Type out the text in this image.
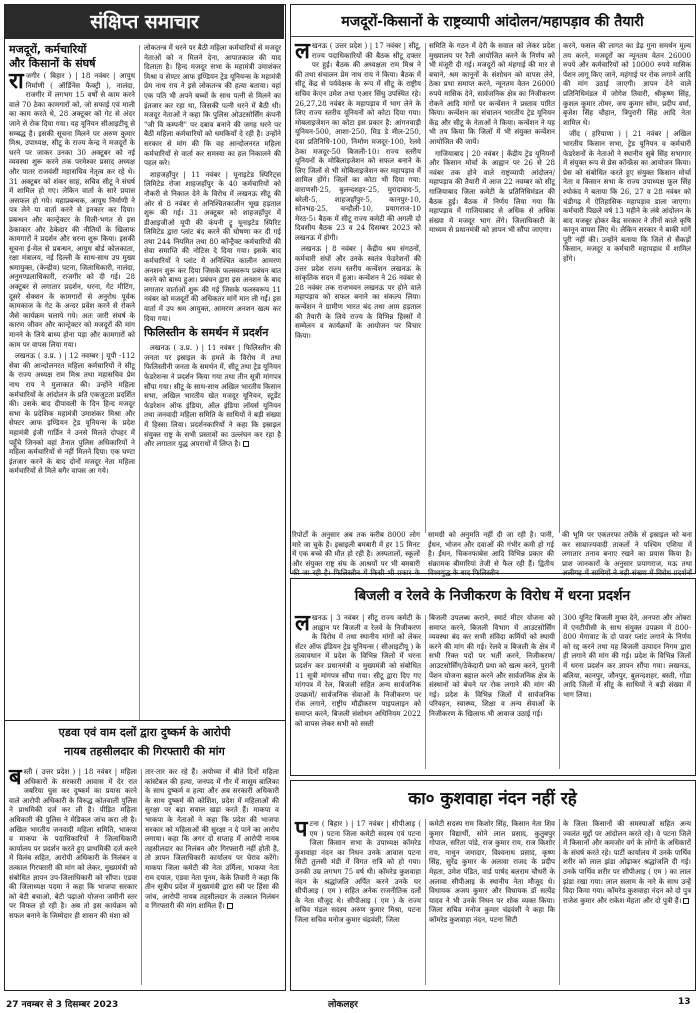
संक्षिप्त समाचार
मजदूरों, कर्मचारियों
और किसानों के संघर्ष

राजगीर ( बिहार ) | 18 नवंबर | आयुध निर्माणी ( ऑर्डिनेंस फैक्ट्री ), नालंदा, राजगीर में लगभग 15 वर्षों से काम करने वाले 70 ठेका कामगारों को, जो सफाई एवं माली का काम करते थे, 28 अक्टूबर को गेट से अंदर जाने से रोक दिया गया। यह यूनियन सीआइटीयू से सम्बद्ध है। इसकी सूचना मिलने पर अरुण कुमार मिश्र, उपाध्यक्ष, सीटू के राज्य केन्द्र ने मजदूरों के धरने पर जाकर उनका 30 अक्टूबर को नई व्यवस्था शुरू करने तक परमेश्वर प्रसाद अध्यक्ष और पातर राजवंशी महासचिव नेतृत्व कर रहे थे। 31 अक्टूबर को शंकर साह, सचिव सीटू ने संघर्ष में शामिल हो गए। लेकिन वार्ता के सारे प्रयास असफल हो गये। महाप्रबन्धक, आयुध निर्माणी ने पत्र लेने या वार्ता करने से इनकार कर दिया। प्रबन्धन और कान्ट्रेक्टर के मिली-भगत से इस ठेकाकार और ठेकेदार की नीतियों के खिलाफ कामगारों ने प्रदर्शन और धरना शुरू किया। इसकी सूचना ई-मेल से प्रबन्धन, आयुध बोर्ड कोलकाता, रक्षा मंत्रालय, नई दिल्ली के साथ-साथ उप मुख्य श्रमायुक्त, (केन्द्रीय) पटना, जिलाधिकारी, नालंदा, अनुमण्डलाधिकारी, राजगीर को दी गई। 28 अक्टूबर से लगातार प्रदर्शन, धरना, गेट मीटिंग, दूसरे सेक्शन के कामगारों से अनुरोध पूर्वक कामकाज के गेट के अन्दर प्रवेश करने से रोकने जैसे कार्यक्रम चलाये गये। अतः जारी संघर्ष के कारण जीवन और कान्ट्रेक्टर को मजदूरों की मांग मानने के लिये बाध्य होना पड़ा और कामगारों को काम पर वापस लिया गया।

लखनऊ ( उ.प्र. ) | 12 नवम्बर | यूपी -112 सेवा की आन्दोलनरत महिला कर्मचारियों ने सीटू के राज्य अध्यक्ष राम मिश्र तथा महासचिव प्रेम नाथ राय ने मुलाकात की। उन्होंने महिला कर्मचारियों के आंदोलन के प्रति एकजुटता प्रदर्शित की। उसके बाद दीपावली के दिन हिन्द मजदूर सभा के प्रदेशिक महामंत्री उमाशंकर मिश्रा और सेफ्टर आफ इण्डियन ट्रेड यूनियन्स के प्रदेश महामंत्री इंजी गार्डिन ने उनसे मिलते दोपहर में पहुँचे जिनको वहां तैनात पुलिस अधिकारियों ने महिला कर्मचारियों से नहीं मिलने दिया। एक घण्टा इंतजार करने के बाद दोनों मजदूर नेता महिला कर्मचारियों से मिले बगैर वापस आ गये।

लोकतन्त्र में धरने पर बैठी महिला कर्मचारियों से मजदूर नेताओं को न मिलने देना, आपातकाल की याद दिलाता है। हिन्द मजदूर सभा के महामंत्री उमाशंकर मिश्रा व सेण्टर आफ इण्डियन ट्रेड यूनियन्स के महामंत्री प्रेम नाथ राय ने इसे लोकतन्त्र की हत्या बताया। वहां एक पति भी अपने बच्चों के साथ पत्नी से मिलने का इंतजार कर रहा था, जिसकी पत्नी धरने में बैठी थी। मजदूर नेताओं ने कहा कि पुलिस ओउटसोर्सिंग कंपनी "जी वि कम्पनी" पर दबाव बनाने की जगह धरने पर बैठी महिला कर्मचारियों को धमकियाँ दे रही है। उन्होंने सरकार से मांग की कि वह आन्दोलनरत महिला कर्मचारियों से वार्ता कर समस्या का हल निकालने की पहल करे।

शाहजहाँपुर | 11 नवंबर | यूनाइटेड स्पिरिट्स लिमिटेड रोजा शाहजहाँपुर के 40 कर्मचारियों को नौकरी से निकाल देने के विरोध में लखनऊ सीटू की ओर से 8 नवंबर से अनिश्चितकालीन भूख हड़ताल शुरू की गई। 31 अक्टूबर को शाहजहाँपुर में डीआइजीओ यूपी की कंपनी ट्रू यूनाइटेड स्पिरिट लिमिटेड द्वारा प्लांट बंद करने की घोषणा कर दी गई तथा 244 नियमित तथा 80 कॉन्ट्रैक्ट कर्मचारियों की सेवा समाप्ति की नोटिस दे दिया गया। इसके बाद कर्मचारियों ने प्लांट में अनिश्चित कालीन आमरण अनशन शुरू कर दिया जिसके फलस्वरूप प्रबंधन बात करने को बाध्य हुआ। प्रबंधन द्वारा इस अनशन के बाद लगातार वार्ताओं शुरू की गई जिसके फलस्वरूप 11 नवंबर को मजदूरों की अधिकतर मांगें मान ली गईं। इस वार्ता में उप श्रम आयुक्त, आमरण अनशन खत्म कर दिया गया।

फिलिस्तीन के समर्थन में प्रदर्शन

लखनऊ ( उ.प्र. ) | 11 नवंबर | फिलिस्तीन की जनता पर इस्राइल के हमले के विरोध में तथा फिलिस्तीनी जनता के समर्थन में, सीटू तथा ट्रेड यूनियन फेडरेशन्स ने प्रदर्शन किया गया तथा तीन सूत्री मांगपत्र सौंपा गया। सीटू के साथ-साथ अखिल भारतीय किसान सभा, अखिल भारतीय खेत मजदूर यूनियन, स्टूडेंट फेडरेशन ऑफ इंडिया, ऑल इंडिया लॉयर्स यूनियन तथा जनवादी महिला समिति के साथियों ने बड़ी संख्या में हिस्सा लिया। प्रदर्शनकारियों ने कहा कि इस्राइल संयुक्त राष्ट्र के सभी प्रस्तावों का उल्लंघन कर रहा है और लगातार युद्ध अपराधों में लिप्त है।

मजदूरों-किसानों के राष्ट्रव्यापी आंदोलन/महापड़ाव की तैयारी

लखनऊ ( उत्तर प्रदेश ) | 17 नवंबर | सीटू, राज्य पदाधिकारियों की बैठक सीटू दफ्तर पर हुई। बैठक की अध्यक्षता राम मिश्र ने की तथा संचालन प्रेम नाथ राय ने किया। बैठक में सीटू केंद्र से पर्यवेक्षक के रूप में सीटू के राष्ट्रीय सचिव केएन उमेश तथा एआर सिंधु उपस्थित रहे। 26,27,28 नवंबर के महापड़ाव में भाग लेने के लिए राज्य स्तरीय यूनियनों को कोटा दिया गया। मोबलाइजेशन का कोटा इस प्रकार है: आंगनवाड़ी यूनियन-500, आशा-250, मिड डे मील-250, दवा प्रतिनिधि-100, निर्माण मजदूर-100, रेलवे ठेका मजदूर-50 बिजली-10। राज्य स्तरीय यूनियनों के मोबिलाइजेशन को सफल बनाने के लिए जिलों से भी मोबिलाइजेशन कर महापड़ाव में शामिल होंगे। जिलों का कोटा भी दिया गया: वाराणसी-25, बुलन्दशहर-25, मुरादाबाद-5, बरेली-5, शाहजहाँपुर-5, कानपुर-10, सोनभद्र-25, चन्दौली-10, प्रयागराज-10 मेरठ-5। बैठक में सीटू राज्य कमेटी की अगली दो दिवसीय बैठक 23 व 24 दिसम्बर 2023 को लखनऊ में होगी।

लखनऊ | 8 नवंबर | केंद्रीय श्रम संगठनों, कर्मचारी संघों और उनके स्वतंत्र फेडरेशनों की उत्तर प्रदेश राज्य स्तरीय कन्वेंशन लखनऊ के सांकृतिक सदन में हुआ। कन्वेंशन ने 26 नवंबर से 28 नवंबर तक राजभवन लखनऊ पर होने वाले महापड़ाव को सफल बनाने का संकल्प लिया। कन्वेंशन ने ग्रामीण भारत बंद तथा आम हड़ताल की तैयारी के लिये राज्य के विभिन्न हिस्सों में सम्मेलन व कार्यक्रमों के आयोजन पर विचार किया।

समिति के गठन में देरी के सवाल को लेकर प्रदेश मुख्यालय पर रैली आयोजित करने के निर्णय को भी मंजूरी दी गई। मजदूरों को मंहगाई की मार से बचाने, श्रम कानूनों के संशोधन को वापस लेने, ठेका प्रथा समाप्त करने, न्यूनतम वेतन 26000 रुपये मासिक देने, सार्वजनिक क्षेत्र का निजीकरण रोकने आदि मांगों पर कन्वेंशन ने प्रस्ताव पारित किया। कन्वेंशन का संचालन भारतीय ट्रेड यूनियन केंद्र और सीटू के नेताओं ने किया। कन्वेंशन ने यह भी तय किया कि जिलों में भी संयुक्त कन्वेंशन आयोजित की जायें।

गाजियाबाद | 20 नवंबर | केंद्रीय ट्रेड यूनियनों और किसान मोर्चा के आह्वान पर 26 से 28 नवंबर तक होने वाले राष्ट्रव्यापी आंदोलन/महापड़ाव की तैयारी में आज 22 नवम्बर को सीटू गाजियाबाद जिला कमेटी के प्रतिनिधिमंडल की बैठक हुई। बैठक में निर्णय लिया गया कि महापड़ाव में गाजियाबाद से अधिक से अधिक संख्या में मजदूर भाग लेंगे। जिलाधिकारी के माध्यम से प्रधानमंत्री को ज्ञापन भी सौंपा जाएगा।

करने, फसल की लागत का डेढ़ गुना समर्थन मूल्य तय करने, मजदूरों का न्यूनतम वेतन 26000 रुपये और कर्मचारियों को 10000 रुपये मासिक पेंशन लागू किए जाने, महंगाई पर रोक लगाने आदि की मांग उठाई जाएगी। ज्ञापन देने वाले प्रतिनिधिमंडल में जोगेश तिवारी, श्रीकृष्ण सिंह, कुशल कुमार तोमर, जय कुमार सोम, प्रदीप वर्मा, बृजेश सिंह चौहान, त्रिपुरारी सिंह आदि नेता शामिल थे।

जींद ( हरियाणा ) | 21 नवंबर | अखिल भारतीय किसान सभा, ट्रेड यूनियन व कर्मचारी फेडरेशनों के नेताओं ने स्थानीय सुबे सिंह सभागार में संयुक्त रूप से प्रेस कॉन्फ्रेंस का आयोजन किया। प्रेस को संबोधित करते हुए संयुक्त किसान मोर्चा नेता व किसान सभा के राज्य उपाध्यक्ष फूल सिंह श्योकंद ने बताया कि 26, 27 व 28 नवंबर को चंडीगढ़ में ऐतिहासिक महापड़ाव डाला जाएगा। कर्मचारी पिछले वर्ष 13 महीने के लंबे आंदोलन के बाद मजबूर होकर केंद्र सरकार ने तीनों काले कृषि कानून वापस लिए थे। लेकिन सरकार ने बाकी मांगें पूरी नहीं की। उन्होंने बताया कि जिले से सैकड़ों किसान, मजदूर व कर्मचारी महापड़ाव में शामिल होंगे।

रिपोर्टों के अनुसार अब तक करीब 8000 लोग मारे जा चुके हैं। इस्राइली बमबारी में हर 15 मिनट में एक बच्चे की मौत हो रही है। अस्पतालों, स्कूलों और संयुक्त राष्ट्र संघ के आश्रयों पर भी बमबारी की जा रही है। फिलिस्तीन में किसी भी प्रकार के

सामग्री को अनुमति नहीं दी जा रही है। पानी, ईंधन, भोजन और दवाओं की गंभीर कमी हो गई है। ईंधन, चिकनफाबेस आदि विभिन्न प्रकार की संक्रामक बीमारियां तेजी से फैल रही हैं। द्वितीय विश्वयुद्ध के बाद फिलिस्तीन

की भूमि पर एकतरफा तरीके से इस्राइल को बना कर साम्राज्यवादी ताकतों ने पश्चिम एशिया में लगातार तनाव बनाए रखने का प्रयास किया है। प्राश जानकारों के अनुसार प्रयागराज, मऊ तथा अलीगढ़ में साथियों ने बड़ी संख्या में विरोध प्रदर्शनों

बिजली व रेलवे के निजीकरण के विरोध में धरना प्रदर्शन

लखनऊ | 3 नवंबर | सीटू राज्य कमेटी के आह्वान पर बिजली व रेलवे के निजीकरण के विरोध में तथा स्थानीय मांगों को लेकर सेंटर ऑफ इंडियन ट्रेड यूनियन्स ( सीआइटीयू ) के तत्वावधान में प्रदेश के विभिन्न जिलों में धरना प्रदर्शन कर प्रधानमंत्री व मुख्यमंत्री को संबोधित 11 सूत्री मांगपत्र सौंपा गया। सीटू द्वारा दिए गए मांगपत्र में रेल, बिजली सहित अन्य सार्वजनिक उपक्रमों/ सार्वजनिक सेवाओं के निजीकरण पर रोक लगाने, राष्ट्रीय मौद्रीकरण पाइपलाइन को समाप्त करने, बिजली संशोधन अधिनियम 2022 को वापस लेकर सभी को सस्ती

बिजली उपलब्ध कराने, स्मार्ट मीटर योजना को समाप्त करने, बिजली विभाग में आउटसोर्सिंग व्यवस्था बंद कर सभी संविदा कर्मियों को स्थायी करने की मांग की गई। रेलवे व बिजली के क्षेत्र में सभी रिक्त पदों पर भर्ती करने, निजीकरण/आउटसोर्सिंग/ठेकेदारी प्रथा को खत्म करने, पुरानी पेंशन योजना बहाल करने और सार्वजनिक क्षेत्र के संस्थानों को बेचने पर रोक लगाने की मांग की गई। प्रदेश के विभिन्न जिलों में सार्वजनिक परिवहन, स्वास्थ्य, शिक्षा व अन्य सेवाओं के निजीकरण के खिलाफ भी आवाज उठाई गई।

300 यूनिट बिजली मुफ्त देने, अनपरा और ओबरा में एनटीपीसी के साथ संयुक्त उपक्रम में 800-800 मेगावाट के दो पावर प्लांट लगाने के निर्णय को रद्द करने तथा यह बिजली उत्पादन निगम द्वारा ही लगाने की मांग की गई। प्रदेश के विभिन्न जिलों में धरना प्रदर्शन कर ज्ञापन सौंपा गया। लखनऊ, बलिया, कानपुर, जौनपुर, बुलन्दशहर, बस्ती, गोंडा आदि जिलों में सीटू के साथियों ने बड़ी संख्या में भाग लिया।

का० कुशवाहा नंदन नहीं रहे

पटना ( बिहार ) | 17 नवंबर | सीपीआइ ( एम ) पटना जिला कमेटी सदस्य एवं पटना जिला किसान सभा के उपाध्यक्ष कॉमरेड कुशवाहा नंदन का निधन उनके आवास पटना सिटी तुलसी मंडी में विगत रात्रि को हो गया। उनकी उम्र लगभग 75 वर्ष थी। कॉमरेड कुशवाहा नंदन के श्रद्धांजलि अर्पित करने उनके घर सीपीआइ ( एम ) सहित अनेक राजनीतिक दलों के नेता मौजूद थे। सीपीआइ ( एम ) के राज्य सचिव मंडल सदस्य अरुण कुमार मिश्रा, पटना जिला सचिव मनोज कुमार चंद्रवंशी, जिला

कमेटी सदस्य राम किशोर सिंह, किसान नेता शिव कुमार विद्यार्थी, सोने लाल प्रसाद, कुतुबपुर गोपाल, सरिता पांडे, राज कुमार राय, राज किशोर राय, नाथुन जमादार, विश्वनाथ प्रसाद, कृष्ण सिंह, सुरेंद्र कुमार के अलावा राजद के प्रदीप मेहता, उमेश पंडित, वार्ड पार्षद बलराम चौधरी के अलावा सीपीआइ के स्थानीय नेता मौजूद थे। विधायक अजय कुमार और विधायक डॉ सत्येंद्र यादव ने भी उनके निधन पर शोक व्यक्त किया। जिला सचिव मनोज कुमार चंद्रवंशी ने कहा कि कॉमरेड कुशवाहा नंदन, पटना सिटी

के जिला किसानों की समस्याओं सहित अन्य ज्वलंत मुद्दों पर आंदोलन करते रहे। वे पटना जिले में किसानों और कमजोर वर्ग के लोगों के अधिकारों के संघर्ष करते रहे। पार्टी कार्यालय में उनके पार्थिव शरीर को लाल झंडा ओढ़ाकर श्रद्धांजलि दी गई। उनके पार्थिव शरीर पर सीपीआइ ( एम ) का लाल झंडा रखा गया। लाल सलाम के नारे के साथ उन्हें विदा किया गया। कॉमरेड कुशवाहा नंदन को दो पुत्र राजेश कुमार और राकेश मेहता और दो पुत्री हैं।

एडवा एवं वाम दलों द्वारा दुष्कर्म के आरोपी
नायब तहसीलदार की गिरफ्तारी की मांग

बस्ती ( उत्तर प्रदेश ) | 18 नवंबर | महिला अधिकारों के सरकारी आवास में देर रात जबरिया घुस कर दुष्कर्म का प्रयास करने वाले आरोपी अधिकारी के विरुद्ध कोतवाली पुलिस ने प्राथमिकी दर्ज कर ली है। पीड़ित महिला अधिकारी की पुलिस ने मेडिकल जांच करा ली है। अखिल भारतीय जनवादी महिला समिति, भाकपा व माकपा के पदाधिकारियों ने जिलाधिकारी कार्यालय पर प्रदर्शन करते हुए प्राथमिकी दर्ज करने में विलंब सहित, आरोपी अधिकारी के निलंबन व तत्काल गिरफ्तारी की मांग को लेकर, मुख्यमंत्री को संबोधित ज्ञापन उप-जिलाधिकारी को सौंपा। एडवा की जिलाध्यक्ष पदमा ने कहा कि भाजपा सरकार को बेटी बचाओ, बेटी पढ़ाओ योजना जमीनी स्तर पर विफल हो रही है। अब तो इस कार्यक्रम को सफल बनाने के जिम्मेदार ही शासन की मंशा को

तार-तार कर रहे हैं। अयोध्या में बीते दिनों महिला कांस्टेबल की हत्या, जनपद में गौर में मासूम बालिका के साथ दुष्कर्म व हत्या और अब सरकारी अधिकारी के साथ दुष्कर्म की कोशिश, प्रदेश में महिलाओं की सुरक्षा पर बड़ा सवाल खड़ा करते हैं। माकपा व भाकपा के नेताओं ने कहा कि प्रदेश की भाजपा सरकार को महिलाओं की सुरक्षा न दे पाने का आरोप लगाया। कहा कि अगर दो सप्ताह में आरोपी नायब तहसीलदार का निलंबन और गिरफ्तारी नहीं होती है, तो ज्ञापन जिलाधिकारी कार्यालय पर घेराव करेंगे। माकपा जिला कमेटी की नेता उर्मिला, भाकपा नेता राम दयाल, एडवा नेता पूनम, केके तिवारी ने कहा कि तीन सूत्रीय प्रदेश में मुख्यमंत्री द्वारा स्त्री पर हिंसा की जांच, आरोपी नायब तहसीलदार के तत्काल निलंबन व गिरफ्तारी की मांग शामिल हैं।

27 नवम्बर से 3 दिसम्बर 2023	लोकलहर	13
